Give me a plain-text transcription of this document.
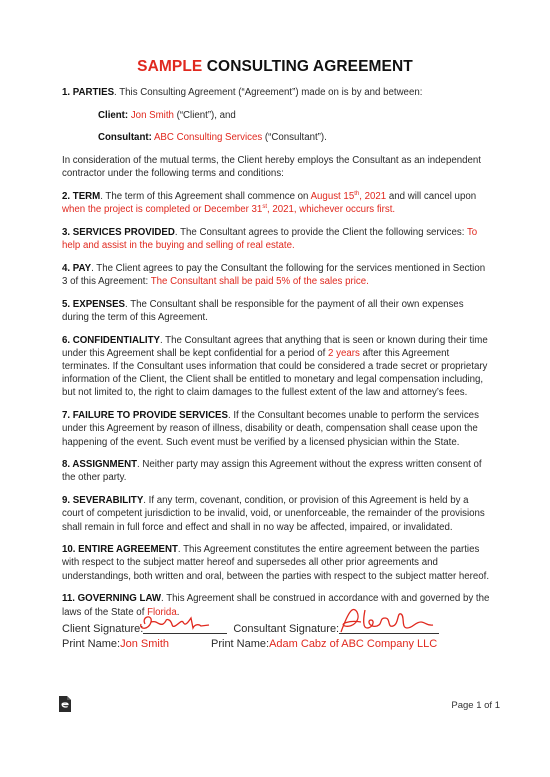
SAMPLE CONSULTING AGREEMENT

1. PARTIES. This Consulting Agreement (“Agreement”) made on is by and between:

Client: Jon Smith (“Client”), and

Consultant: ABC Consulting Services (“Consultant”).

In consideration of the mutual terms, the Client hereby employs the Consultant as an independent contractor under the following terms and conditions:

2. TERM. The term of this Agreement shall commence on August 15th, 2021 and will cancel upon when the project is completed or December 31st, 2021, whichever occurs first.

3. SERVICES PROVIDED. The Consultant agrees to provide the Client the following services: To help and assist in the buying and selling of real estate.

4. PAY. The Client agrees to pay the Consultant the following for the services mentioned in Section 3 of this Agreement: The Consultant shall be paid 5% of the sales price.

5. EXPENSES. The Consultant shall be responsible for the payment of all their own expenses during the term of this Agreement.

6. CONFIDENTIALITY. The Consultant agrees that anything that is seen or known during their time under this Agreement shall be kept confidential for a period of 2 years after this Agreement terminates. If the Consultant uses information that could be considered a trade secret or proprietary information of the Client, the Client shall be entitled to monetary and legal compensation including, but not limited to, the right to claim damages to the fullest extent of the law and attorney’s fees.

7. FAILURE TO PROVIDE SERVICES. If the Consultant becomes unable to perform the services under this Agreement by reason of illness, disability or death, compensation shall cease upon the happening of the event. Such event must be verified by a licensed physician within the State.

8. ASSIGNMENT. Neither party may assign this Agreement without the express written consent of the other party.

9. SEVERABILITY. If any term, covenant, condition, or provision of this Agreement is held by a court of competent jurisdiction to be invalid, void, or unenforceable, the remainder of the provisions shall remain in full force and effect and shall in no way be affected, impaired, or invalidated.

10. ENTIRE AGREEMENT. This Agreement constitutes the entire agreement between the parties with respect to the subject matter hereof and supersedes all other prior agreements and understandings, both written and oral, between the parties with respect to the subject matter hereof.

11. GOVERNING LAW. This Agreement shall be construed in accordance with and governed by the laws of the State of Florida.

Client Signature:	Consultant Signature:
Print Name: Jon Smith	Print Name: Adam Cabz of ABC Company LLC
Page 1 of 1
